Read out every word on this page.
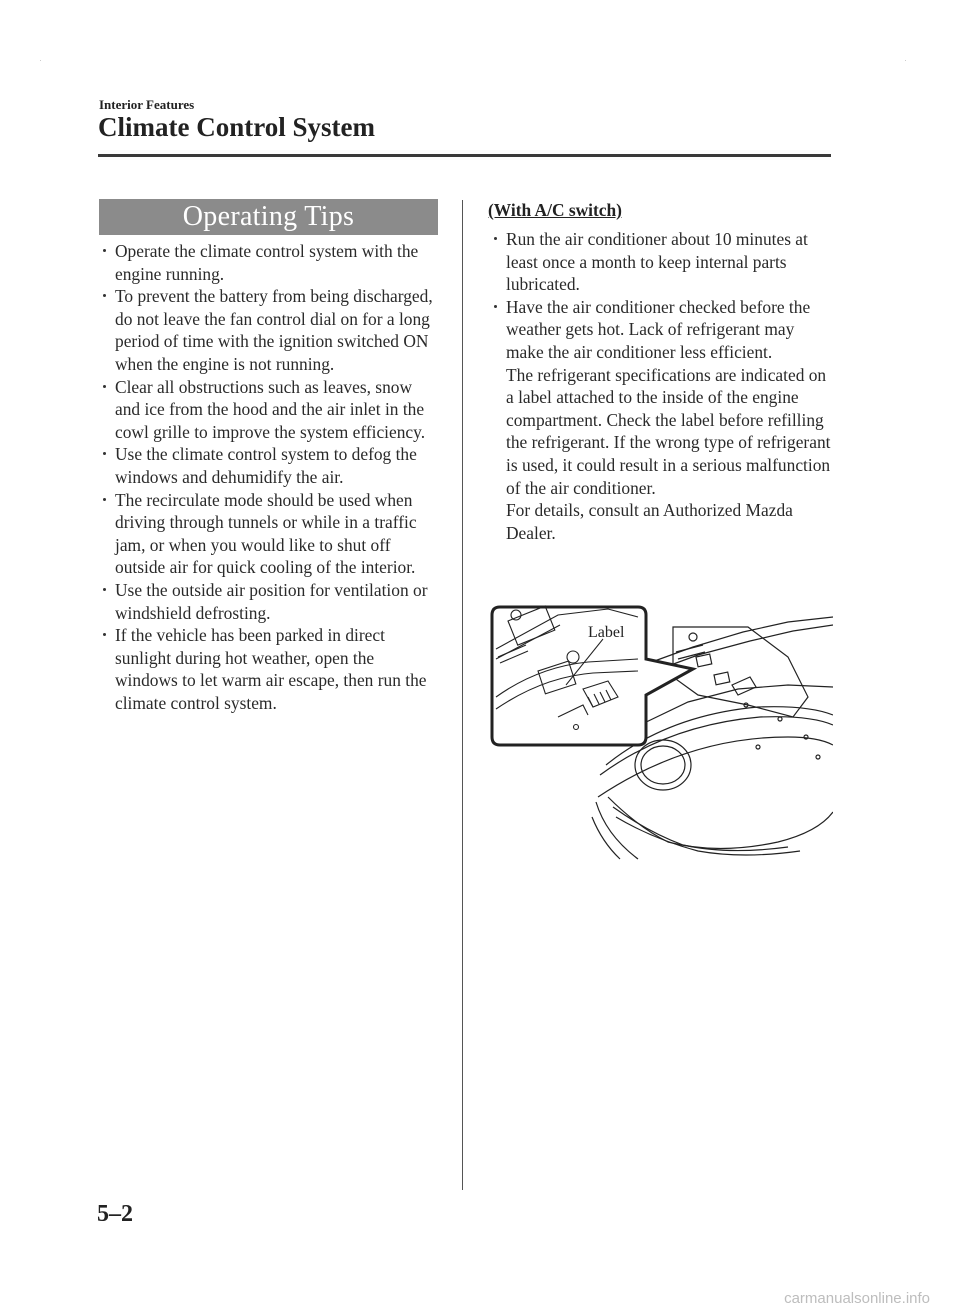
Interior Features
Climate Control System
Operating Tips
Operate the climate control system with the engine running.
To prevent the battery from being discharged, do not leave the fan control dial on for a long period of time with the ignition switched ON when the engine is not running.
Clear all obstructions such as leaves, snow and ice from the hood and the air inlet in the cowl grille to improve the system efficiency.
Use the climate control system to defog the windows and dehumidify the air.
The recirculate mode should be used when driving through tunnels or while in a traffic jam, or when you would like to shut off outside air for quick cooling of the interior.
Use the outside air position for ventilation or windshield defrosting.
If the vehicle has been parked in direct sunlight during hot weather, open the windows to let warm air escape, then run the climate control system.
(With A/C switch)

Run the air conditioner about 10 minutes at least once a month to keep internal parts lubricated.

Have the air conditioner checked before the weather gets hot. Lack of refrigerant may make the air conditioner less efficient.

The refrigerant specifications are indicated on a label attached to the inside of the engine compartment. Check the label before refilling the refrigerant. If the wrong type of refrigerant is used, it could result in a serious malfunction of the air conditioner.

For details, consult an Authorized Mazda Dealer.

Label
5–2
carmanualsonline.info
